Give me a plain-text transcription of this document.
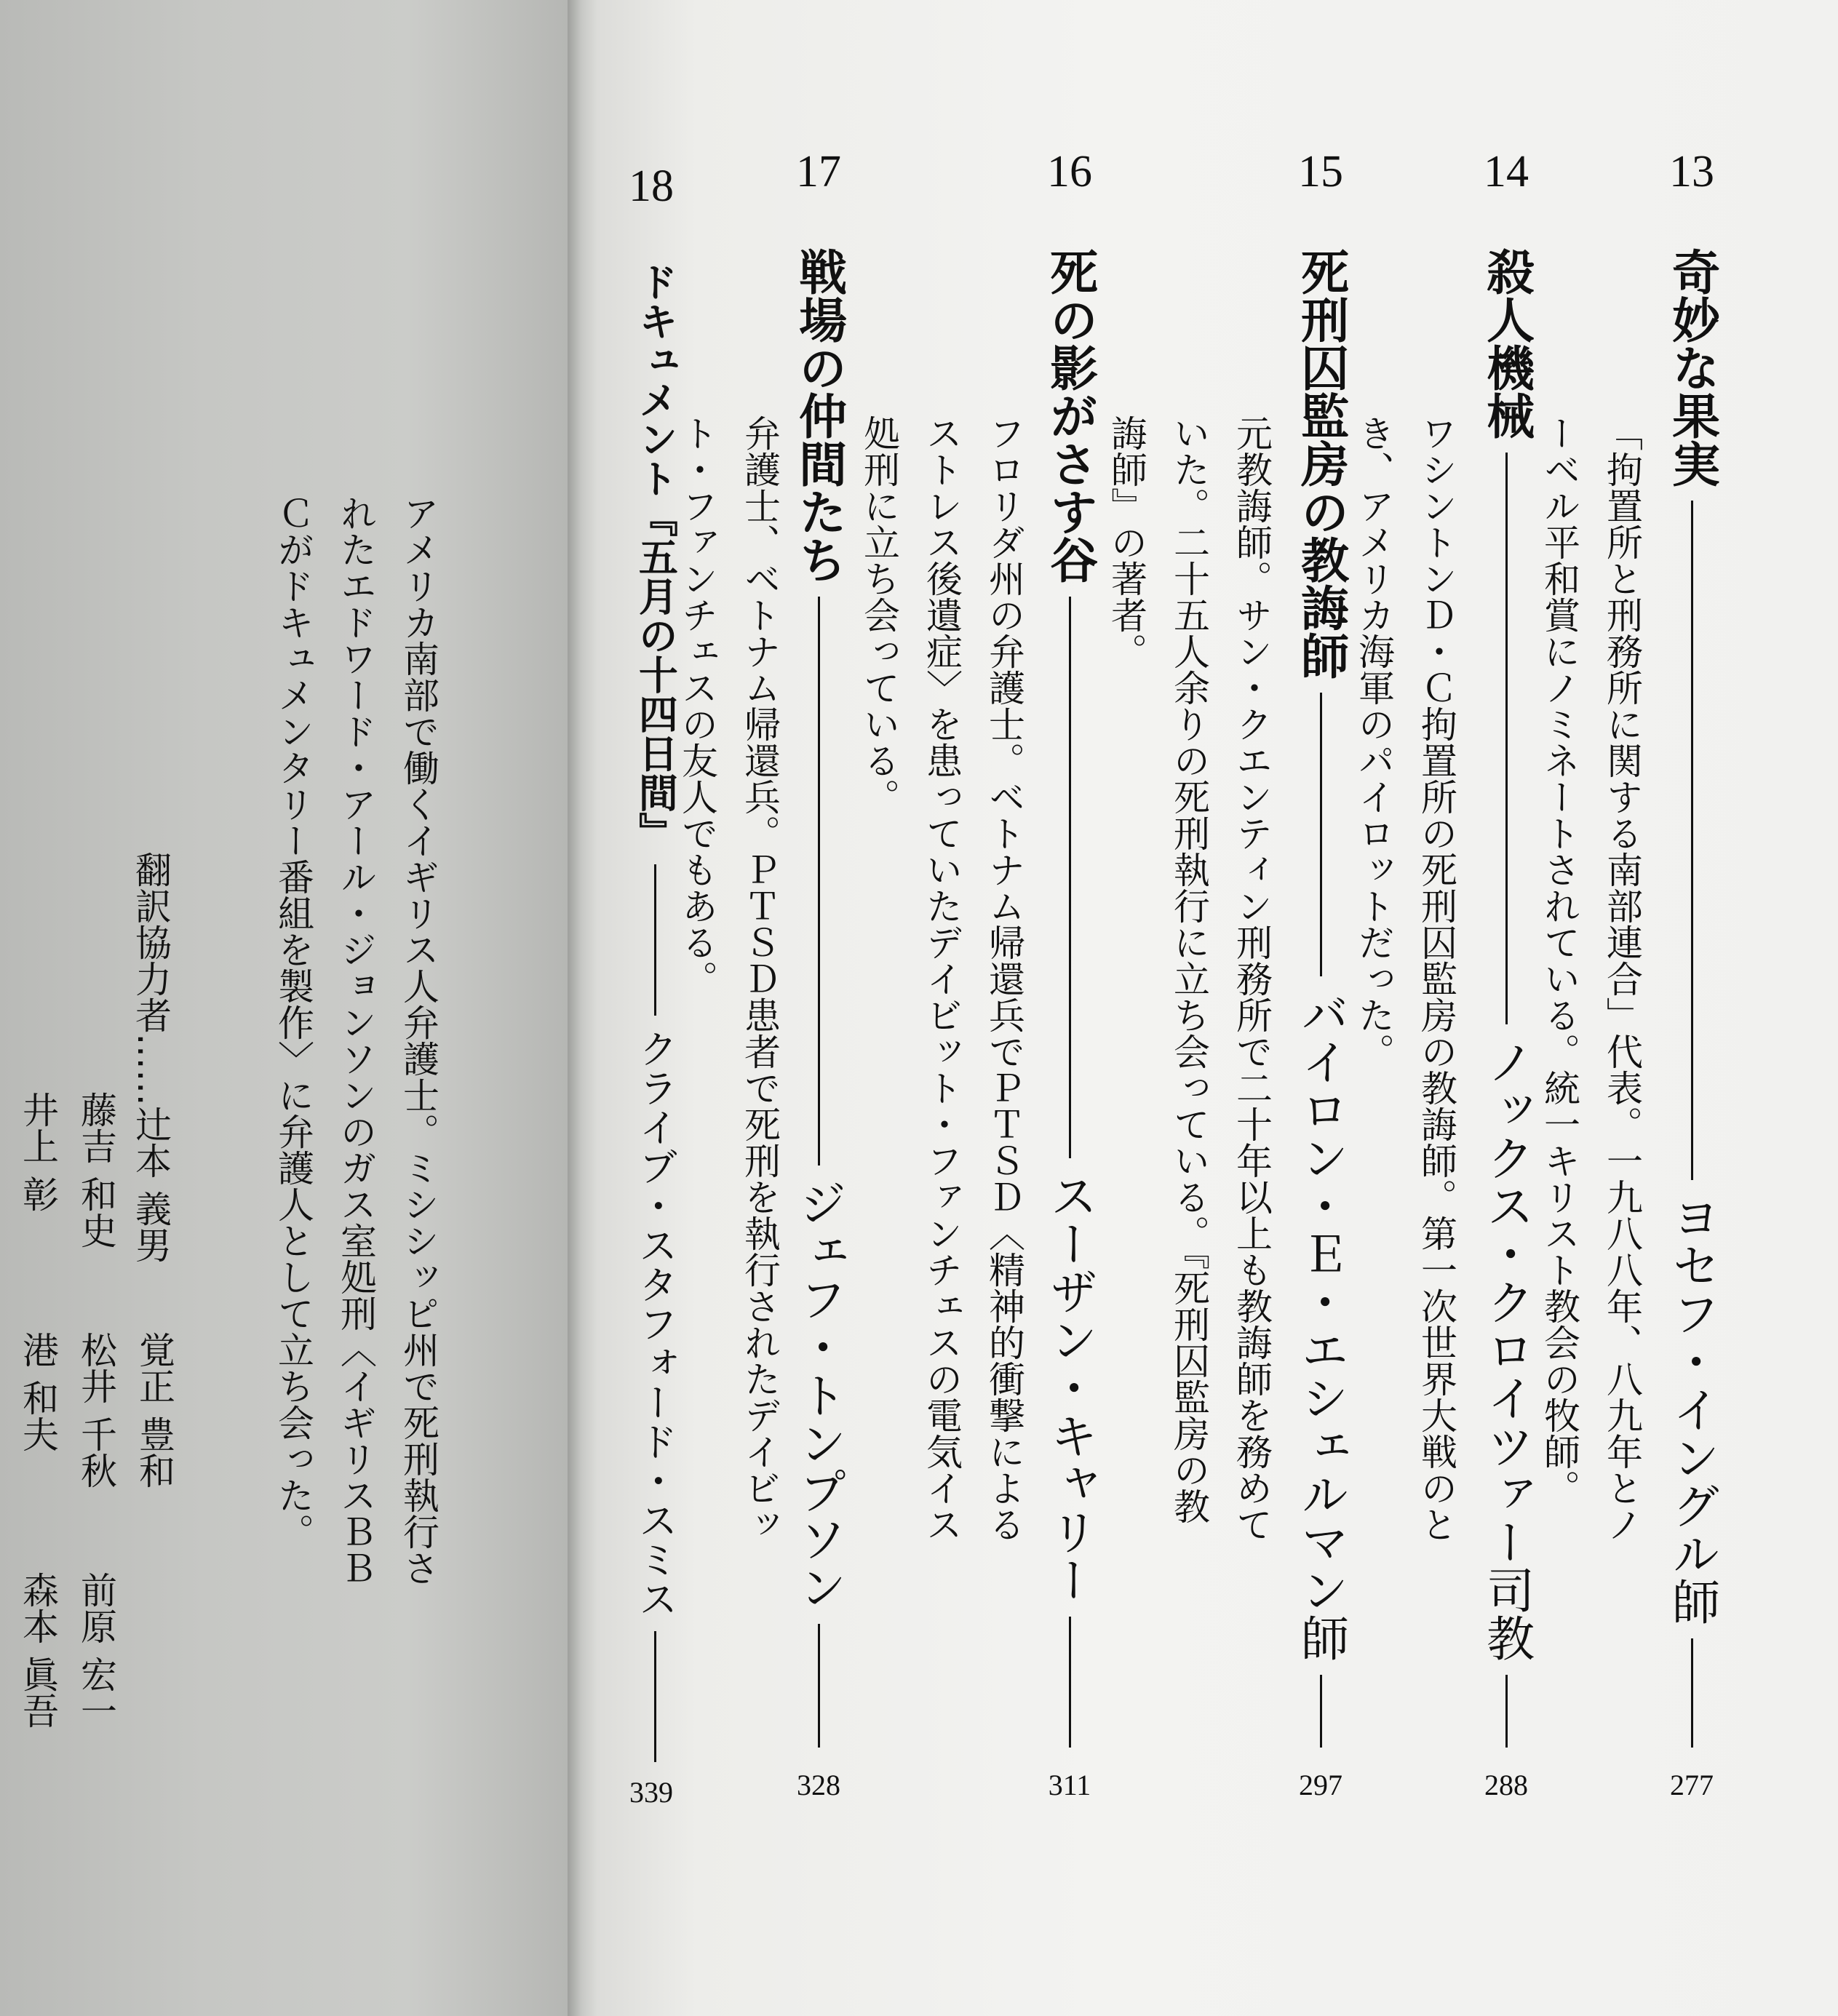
13
奇妙な果実
ヨセフ・イングル師
277
「拘置所と刑務所に関する南部連合」代表。一九八八年、八九年とノ
ーベル平和賞にノミネートされている。統一キリスト教会の牧師。
14
殺人機械
ノックス・クロイツァー司教
288
ワシントンＤ・Ｃ拘置所の死刑囚監房の教誨師。第一次世界大戦のと
き、アメリカ海軍のパイロットだった。
15
死刑囚監房の教誨師
バイロン・Ｅ・エシェルマン師
297
元教誨師。サン・クエンティン刑務所で二十年以上も教誨師を務めて
いた。二十五人余りの死刑執行に立ち会っている。『死刑囚監房の教
誨師』の著者。
16
死の影がさす谷
スーザン・キャリー
311
フロリダ州の弁護士。ベトナム帰還兵でＰＴＳＤ〈精神的衝撃による
ストレス後遺症〉を患っていたデイビット・ファンチェスの電気イス
処刑に立ち会っている。
17
戦場の仲間たち
ジェフ・トンプソン
328
弁護士、ベトナム帰還兵。ＰＴＳＤ患者で死刑を執行されたデイビッ
ト・ファンチェスの友人でもある。
18
ドキュメント『五月の十四日間』
クライブ・スタフォード・スミス
339
アメリカ南部で働くイギリス人弁護士。ミシシッピ州で死刑執行さ
れたエドワード・アール・ジョンソンのガス室処刑〈イギリスＢＢ
Ｃがドキュメンタリー番組を製作〉に弁護人として立ち会った。
翻訳協力者……辻本 義男
覚正 豊和
藤吉 和史
松井 千秋
前原 宏一
井上 彰
港 和夫
森本 眞吾
